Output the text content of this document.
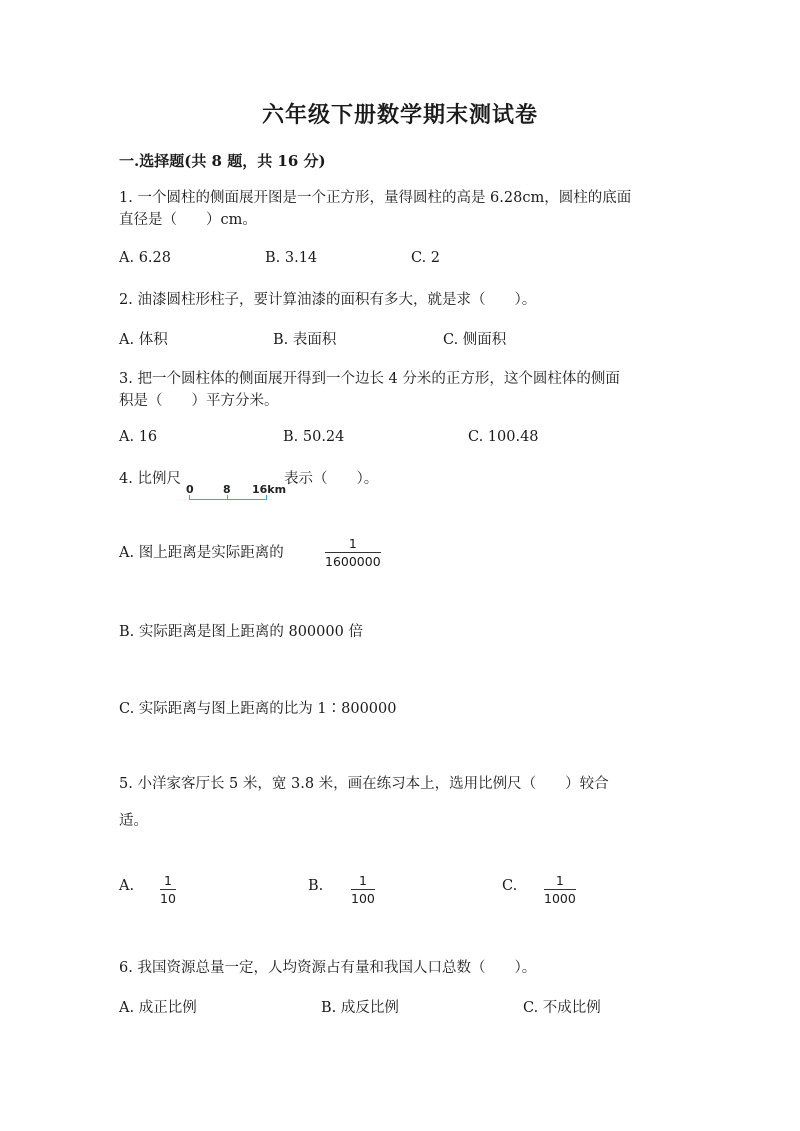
六年级下册数学期末测试卷
一.选择题(共 8 题，共 16 分)
1. 一个圆柱的侧面展开图是一个正方形，量得圆柱的高是 6.28cm，圆柱的底面
直径是（　　）cm。
A. 6.28	B. 3.14	C. 2
2. 油漆圆柱形柱子，要计算油漆的面积有多大，就是求（　　）。
A. 体积	B. 表面积	C. 侧面积
3. 把一个圆柱体的侧面展开得到一个边长 4 分米的正方形，这个圆柱体的侧面
积是（　　）平方分米。
A. 16	B. 50.24	C. 100.48
4. 比例尺
0	8 16km
表示（　　）。
A. 图上距离是实际距离的
1
1600000
B. 实际距离是图上距离的 800000 倍
C. 实际距离与图上距离的比为 1∶800000
5. 小洋家客厅长 5 米，宽 3.8 米，画在练习本上，选用比例尺（　　）较合
适。
A. 1
10
B.	1
100
C.	1
1000
6. 我国资源总量一定，人均资源占有量和我国人口总数（　　）。
A. 成正比例	B. 成反比例	C. 不成比例
